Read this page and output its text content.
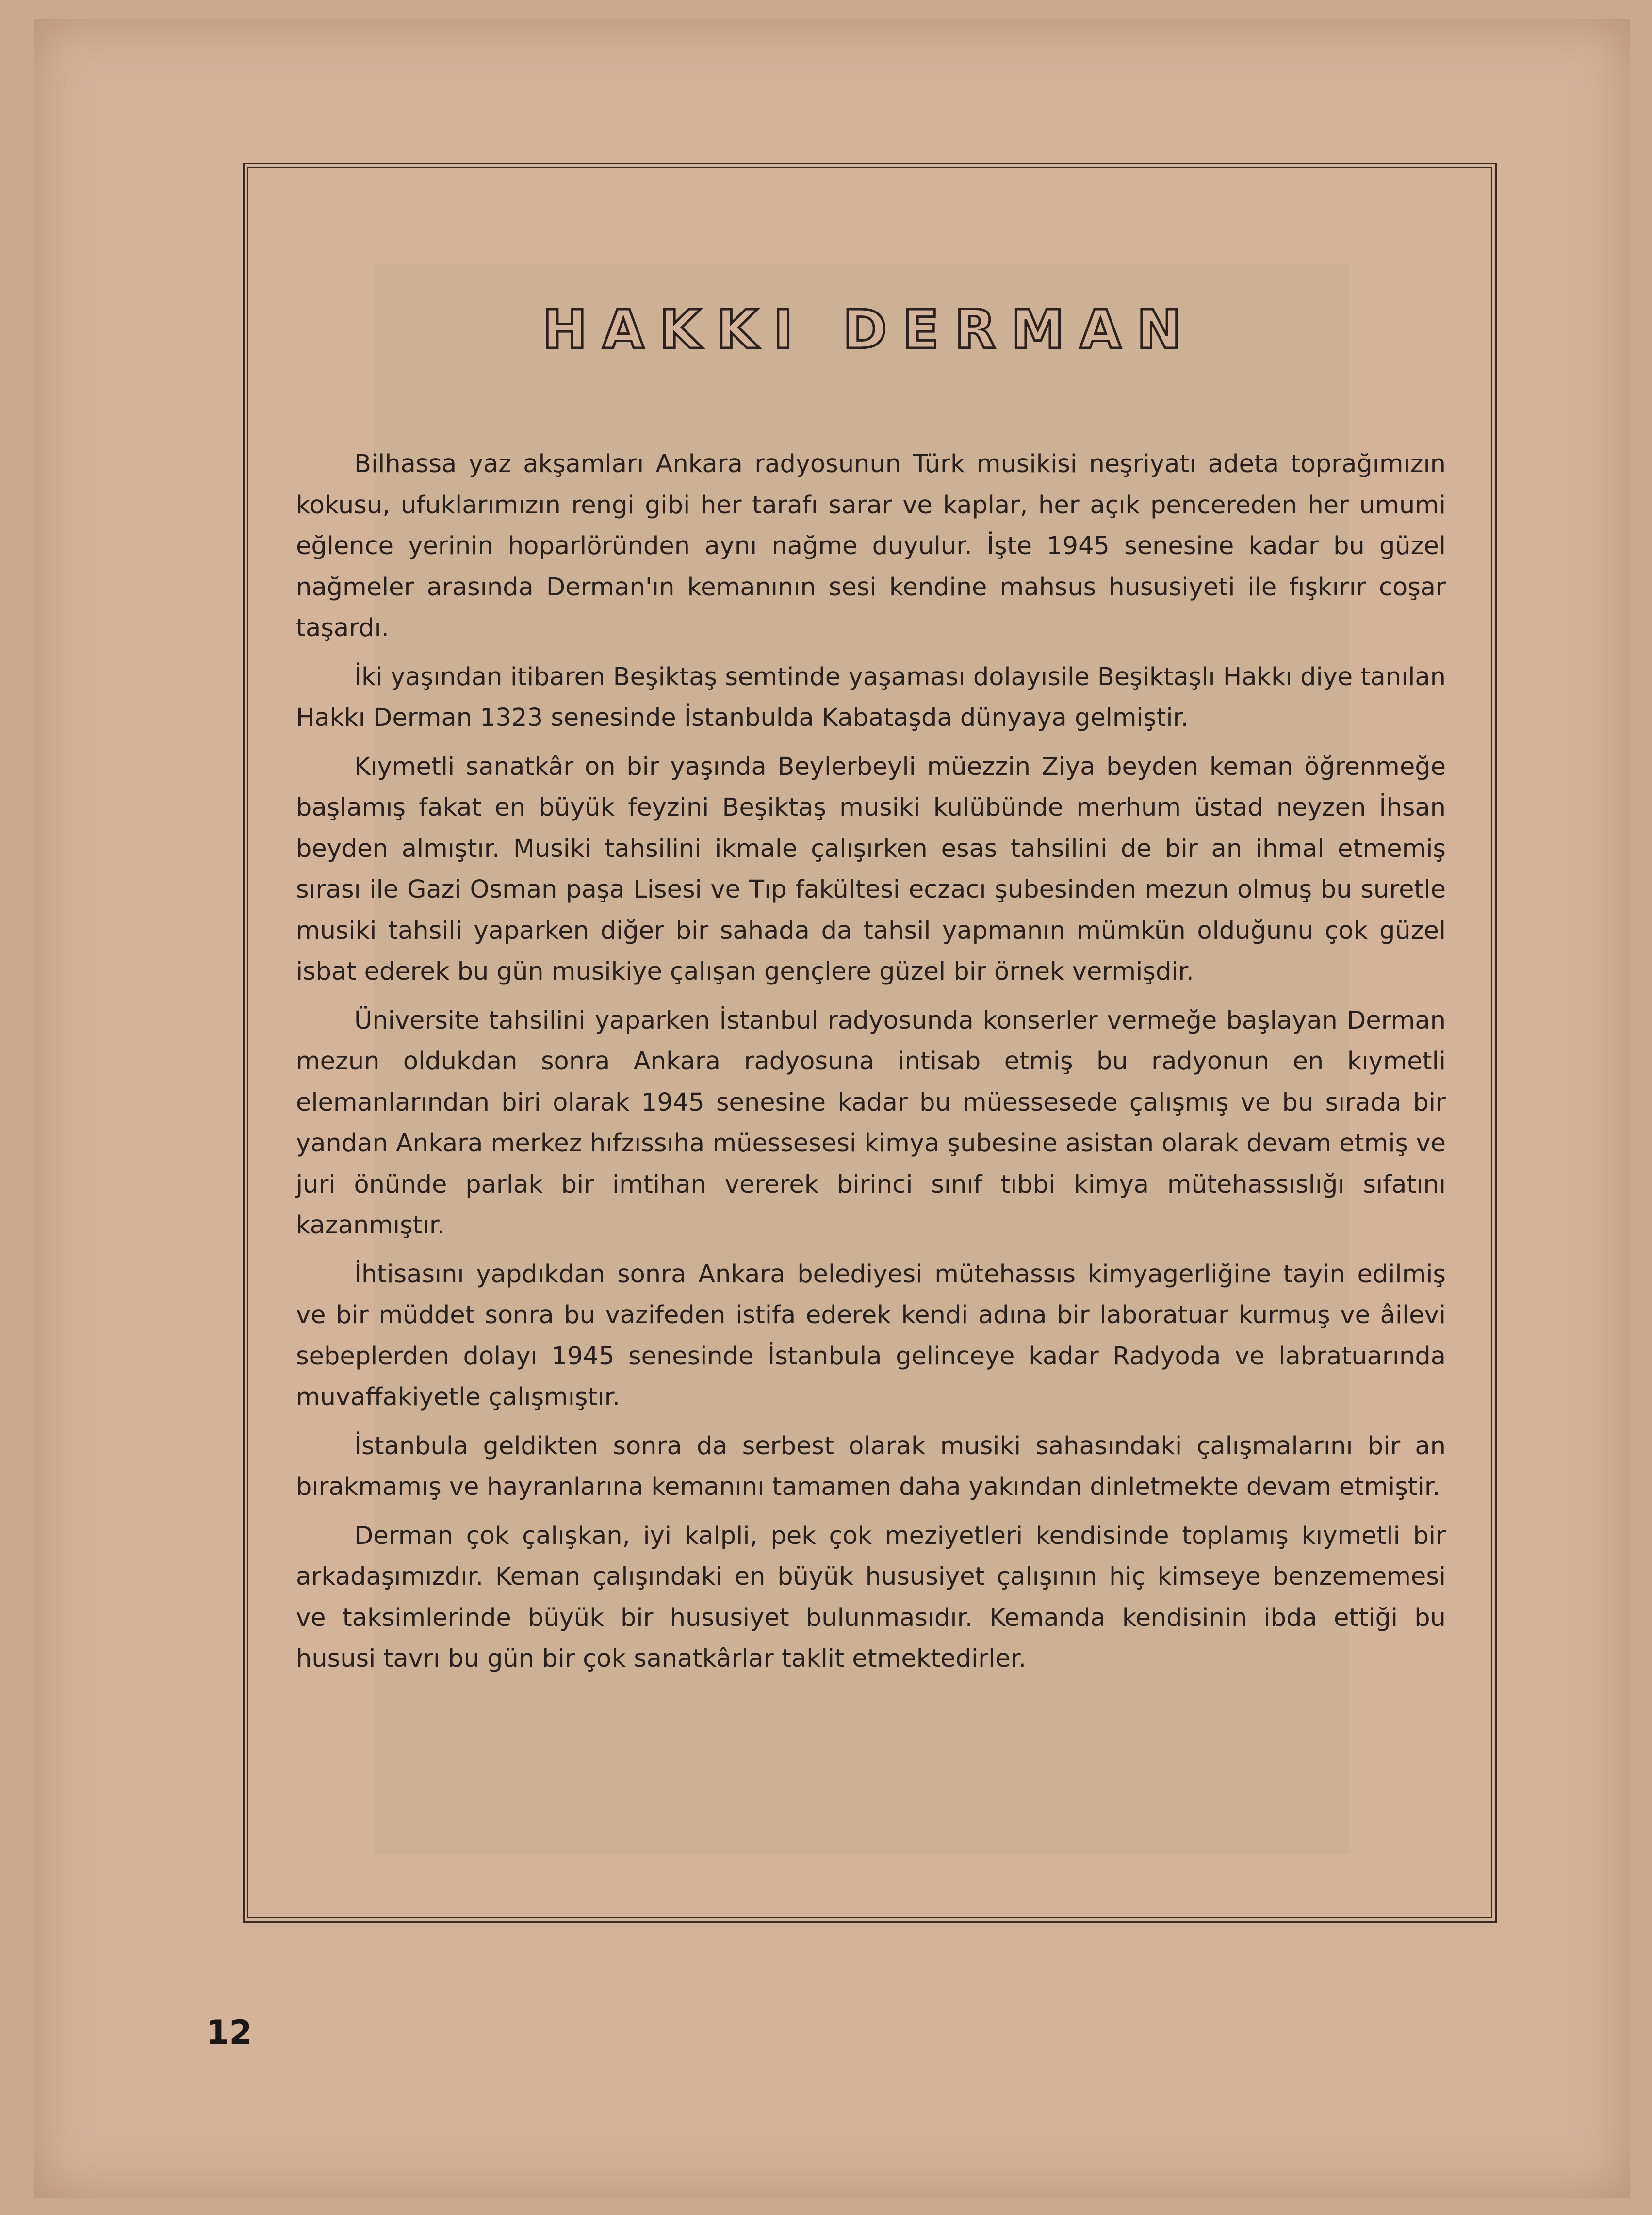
HAKKI DERMAN

Bilhassa yaz akşamları Ankara radyosunun Türk musikisi neşriyatı adeta toprağımızın kokusu, ufuklarımızın rengi gibi her tarafı sarar ve kaplar, her açık pencereden her umumi eğlence yerinin hoparlöründen aynı nağme duyulur. İşte 1945 senesine kadar bu güzel nağmeler arasında Derman'ın kemanının sesi kendine mahsus hususiyeti ile fışkırır coşar taşardı.

İki yaşından itibaren Beşiktaş semtinde yaşaması dolayısile Beşiktaşlı Hakkı diye tanılan Hakkı Derman 1323 senesinde İstanbulda Kabataşda dünyaya gelmiştir.

Kıymetli sanatkâr on bir yaşında Beylerbeyli müezzin Ziya beyden keman öğrenmeğe başlamış fakat en büyük feyzini Beşiktaş musiki kulübünde merhum üstad neyzen İhsan beyden almıştır. Musiki tahsilini ikmale çalışırken esas tahsilini de bir an ihmal etmemiş sırası ile Gazi Osman paşa Lisesi ve Tıp fakültesi eczacı şubesinden mezun olmuş bu suretle musiki tahsili yaparken diğer bir sahada da tahsil yapmanın mümkün olduğunu çok güzel isbat ederek bu gün musikiye çalışan gençlere güzel bir örnek vermişdir.

Üniversite tahsilini yaparken İstanbul radyosunda konserler vermeğe başlayan Derman mezun oldukdan sonra Ankara radyosuna intisab etmiş bu radyonun en kıymetli elemanlarından biri olarak 1945 senesine kadar bu müessesede çalışmış ve bu sırada bir yandan Ankara merkez hıfzıssıha müessesesi kimya şubesine asistan olarak devam etmiş ve juri önünde parlak bir imtihan vererek birinci sınıf tıbbi kimya mütehassıslığı sıfatını kazanmıştır.

İhtisasını yapdıkdan sonra Ankara belediyesi mütehassıs kimyagerliğine tayin edilmiş ve bir müddet sonra bu vazifeden istifa ederek kendi adına bir laboratuar kurmuş ve âilevi sebeplerden dolayı 1945 senesinde İstanbula gelinceye kadar Radyoda ve labratuarında muvaffakiyetle çalışmıştır.

İstanbula geldikten sonra da serbest olarak musiki sahasındaki çalışmalarını bir an bırakmamış ve hayranlarına kemanını tamamen daha yakından dinletmekte devam etmiştir.

Derman çok çalışkan, iyi kalpli, pek çok meziyetleri kendisinde toplamış kıymetli bir arkadaşımızdır. Keman çalışındaki en büyük hususiyet çalışının hiç kimseye benzememesi ve taksimlerinde büyük bir hususiyet bulunmasıdır. Kemanda kendisinin ibda ettiği bu hususi tavrı bu gün bir çok sanatkârlar taklit etmektedirler.

12
